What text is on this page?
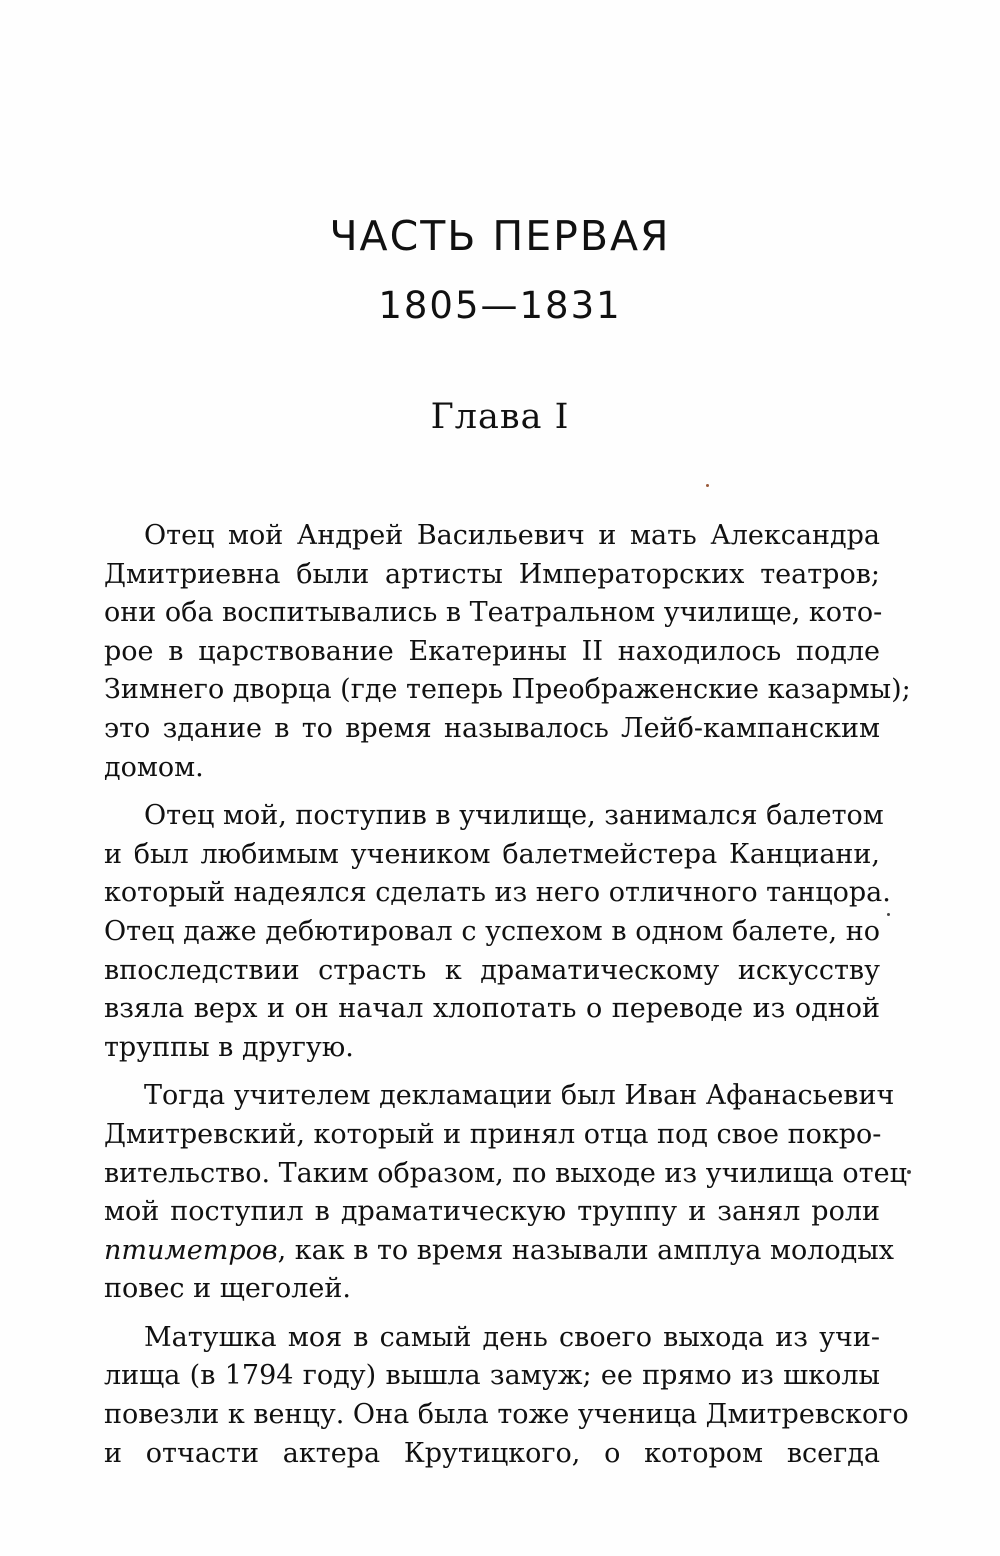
ЧАСТЬ ПЕРВАЯ
1805—1831
Глава I
Отец мой Андрей Васильевич и мать Александра
Дмитриевна были артисты Императорских театров;
они оба воспитывались в Театральном училище, кото-
рое в царствование Екатерины II находилось подле
Зимнего дворца (где теперь Преображенские казармы);
это здание в то время называлось Лейб-кампанским
домом.
Отец мой, поступив в училище, занимался балетом
и был любимым учеником балетмейстера Канциани,
который надеялся сделать из него отличного танцора.
Отец даже дебютировал с успехом в одном балете, но
впоследствии страсть к драматическому искусству
взяла верх и он начал хлопотать о переводе из одной
труппы в другую.
Тогда учителем декламации был Иван Афанасьевич
Дмитревский, который и принял отца под свое покро-
вительство. Таким образом, по выходе из училища отец
мой поступил в драматическую труппу и занял роли
птиметров, как в то время называли амплуа молодых
повес и щеголей.
Матушка моя в самый день своего выхода из учи-
лища (в 1794 году) вышла замуж; ее прямо из школы
повезли к венцу. Она была тоже ученица Дмитревского
и отчасти актера Крутицкого, о котором всегда
